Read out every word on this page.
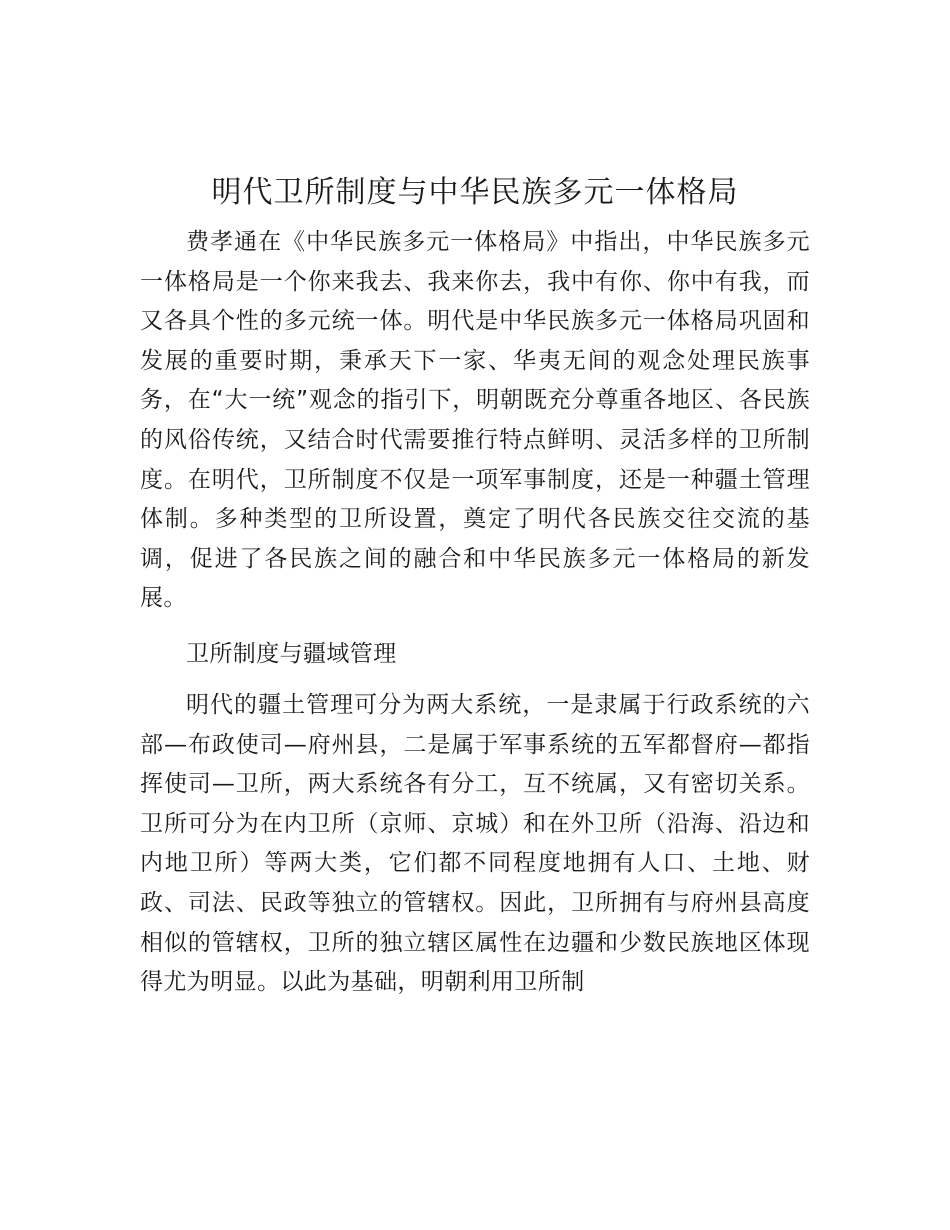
明代卫所制度与中华民族多元一体格局

费孝通在《中华民族多元一体格局》中指出，中华民族多元一体格局是一个你来我去、我来你去，我中有你、你中有我，而又各具个性的多元统一体。明代是中华民族多元一体格局巩固和发展的重要时期，秉承天下一家、华夷无间的观念处理民族事务，在“大一统”观念的指引下，明朝既充分尊重各地区、各民族的风俗传统，又结合时代需要推行特点鲜明、灵活多样的卫所制度。在明代，卫所制度不仅是一项军事制度，还是一种疆土管理体制。多种类型的卫所设置，奠定了明代各民族交往交流的基调，促进了各民族之间的融合和中华民族多元一体格局的新发展。

卫所制度与疆域管理

明代的疆土管理可分为两大系统，一是隶属于行政系统的六部—布政使司—府州县，二是属于军事系统的五军都督府—都指挥使司—卫所，两大系统各有分工，互不统属，又有密切关系。卫所可分为在内卫所（京师、京城）和在外卫所（沿海、沿边和内地卫所）等两大类，它们都不同程度地拥有人口、土地、财政、司法、民政等独立的管辖权。因此，卫所拥有与府州县高度相似的管辖权，卫所的独立辖区属性在边疆和少数民族地区体现得尤为明显。以此为基础，明朝利用卫所制
